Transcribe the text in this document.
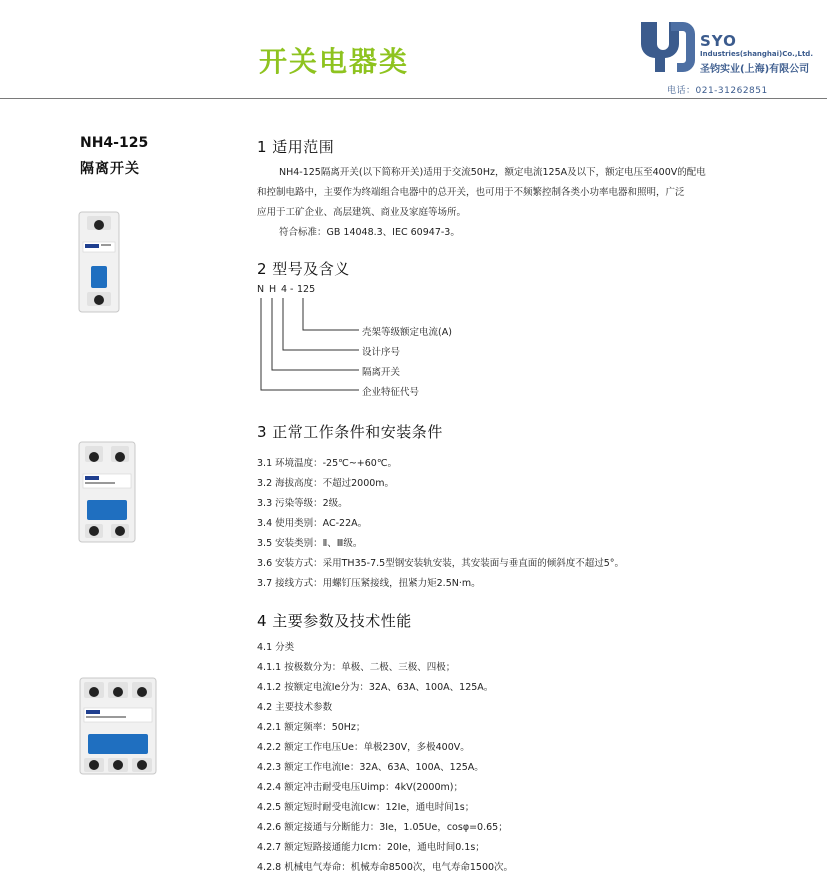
开关电器类
SYO
Industries(shanghai)Co.,Ltd.
圣钧实业(上海)有限公司
电话：021-31262851
NH4-125
隔离开关
1 适用范围
NH4-125隔离开关(以下简称开关)适用于交流50Hz，额定电流125A及以下，额定电压至400V的配电
和控制电路中，主要作为终端组合电器中的总开关，也可用于不频繁控制各类小功率电器和照明，广泛
应用于工矿企业、高层建筑、商业及家庭等场所。
符合标准：GB 14048.3、IEC 60947-3。
2 型号及含义
N H 4 - 125
壳架等级额定电流(A)
设计序号
隔离开关
企业特征代号
3 正常工作条件和安装条件
3.1 环境温度：-25℃~+60℃。
3.2 海拔高度：不超过2000m。
3.3 污染等级：2级。
3.4 使用类别：AC-22A。
3.5 安装类别：Ⅱ、Ⅲ级。
3.6 安装方式：采用TH35-7.5型钢安装轨安装，其安装面与垂直面的倾斜度不超过5°。
3.7 接线方式：用螺钉压紧接线，扭紧力矩2.5N·m。
4 主要参数及技术性能
4.1 分类
4.1.1 按极数分为：单极、二极、三极、四极；
4.1.2 按额定电流Ie分为：32A、63A、100A、125A。
4.2 主要技术参数
4.2.1 额定频率：50Hz；
4.2.2 额定工作电压Ue：单极230V，多极400V。
4.2.3 额定工作电流Ie：32A、63A、100A、125A。
4.2.4 额定冲击耐受电压Uimp：4kV(2000m)；
4.2.5 额定短时耐受电流Icw：12Ie，通电时间1s；
4.2.6 额定接通与分断能力：3Ie，1.05Ue，cosφ=0.65；
4.2.7 额定短路接通能力Icm：20Ie，通电时间0.1s；
4.2.8 机械电气寿命：机械寿命8500次，电气寿命1500次。
